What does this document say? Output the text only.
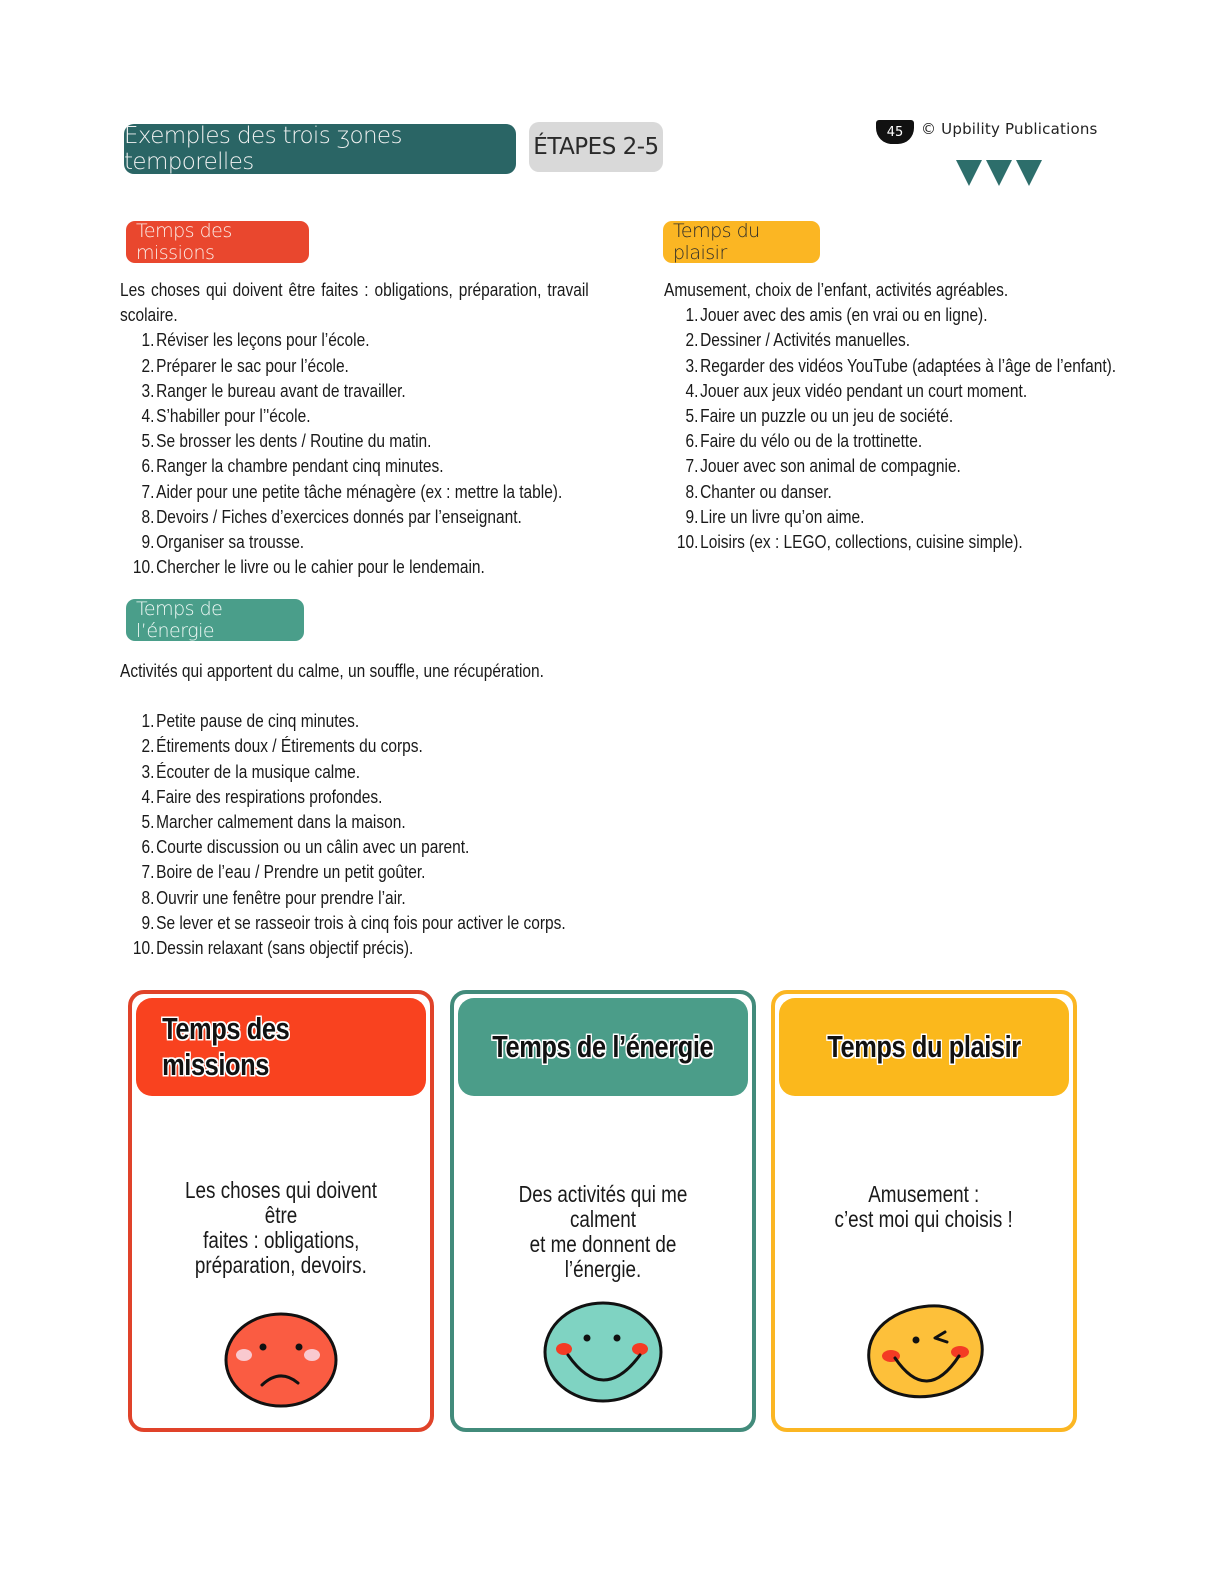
Exemples des trois ʒones temporelles
ÉTAPES 2-5
45 © Upbility Publications
Temps des missions
Temps du plaisir
Temps de l’énergie
Les choses qui doivent être faites : obligations, préparation, travail scolaire.
1. Réviser les leçons pour l’école.
2. Préparer le sac pour l’école.
3. Ranger le bureau avant de travailler.
4. S’habiller pour l’'école.
5. Se brosser les dents / Routine du matin.
6. Ranger la chambre pendant cinq minutes.
7. Aider pour une petite tâche ménagère (ex : mettre la table).
8. Devoirs / Fiches d’exercices donnés par l’enseignant.
9. Organiser sa trousse.
10. Chercher le livre ou le cahier pour le lendemain.
Amusement, choix de l’enfant, activités agréables.
1. Jouer avec des amis (en vrai ou en ligne).
2. Dessiner / Activités manuelles.
3. Regarder des vidéos YouTube (adaptées à l’âge de l’enfant).
4. Jouer aux jeux vidéo pendant un court moment.
5. Faire un puzzle ou un jeu de société.
6. Faire du vélo ou de la trottinette.
7. Jouer avec son animal de compagnie.
8. Chanter ou danser.
9. Lire un livre qu’on aime.
10. Loisirs (ex : LEGO, collections, cuisine simple).
Activités qui apportent du calme, un souffle, une récupération.
1. Petite pause de cinq minutes.
2. Étirements doux / Étirements du corps.
3. Écouter de la musique calme.
4. Faire des respirations profondes.
5. Marcher calmement dans la maison.
6. Courte discussion ou un câlin avec un parent.
7. Boire de l’eau / Prendre un petit goûter.
8. Ouvrir une fenêtre pour prendre l’air.
9. Se lever et se rasseoir trois à cinq fois pour activer le corps.
10. Dessin relaxant (sans objectif précis).
Temps des missions
Les choses qui doivent être
faites : obligations,
préparation, devoirs.
Temps de l’énergie
Des activités qui me calment
et me donnent de l’énergie.
Temps du plaisir
Amusement :
c’est moi qui choisis !
